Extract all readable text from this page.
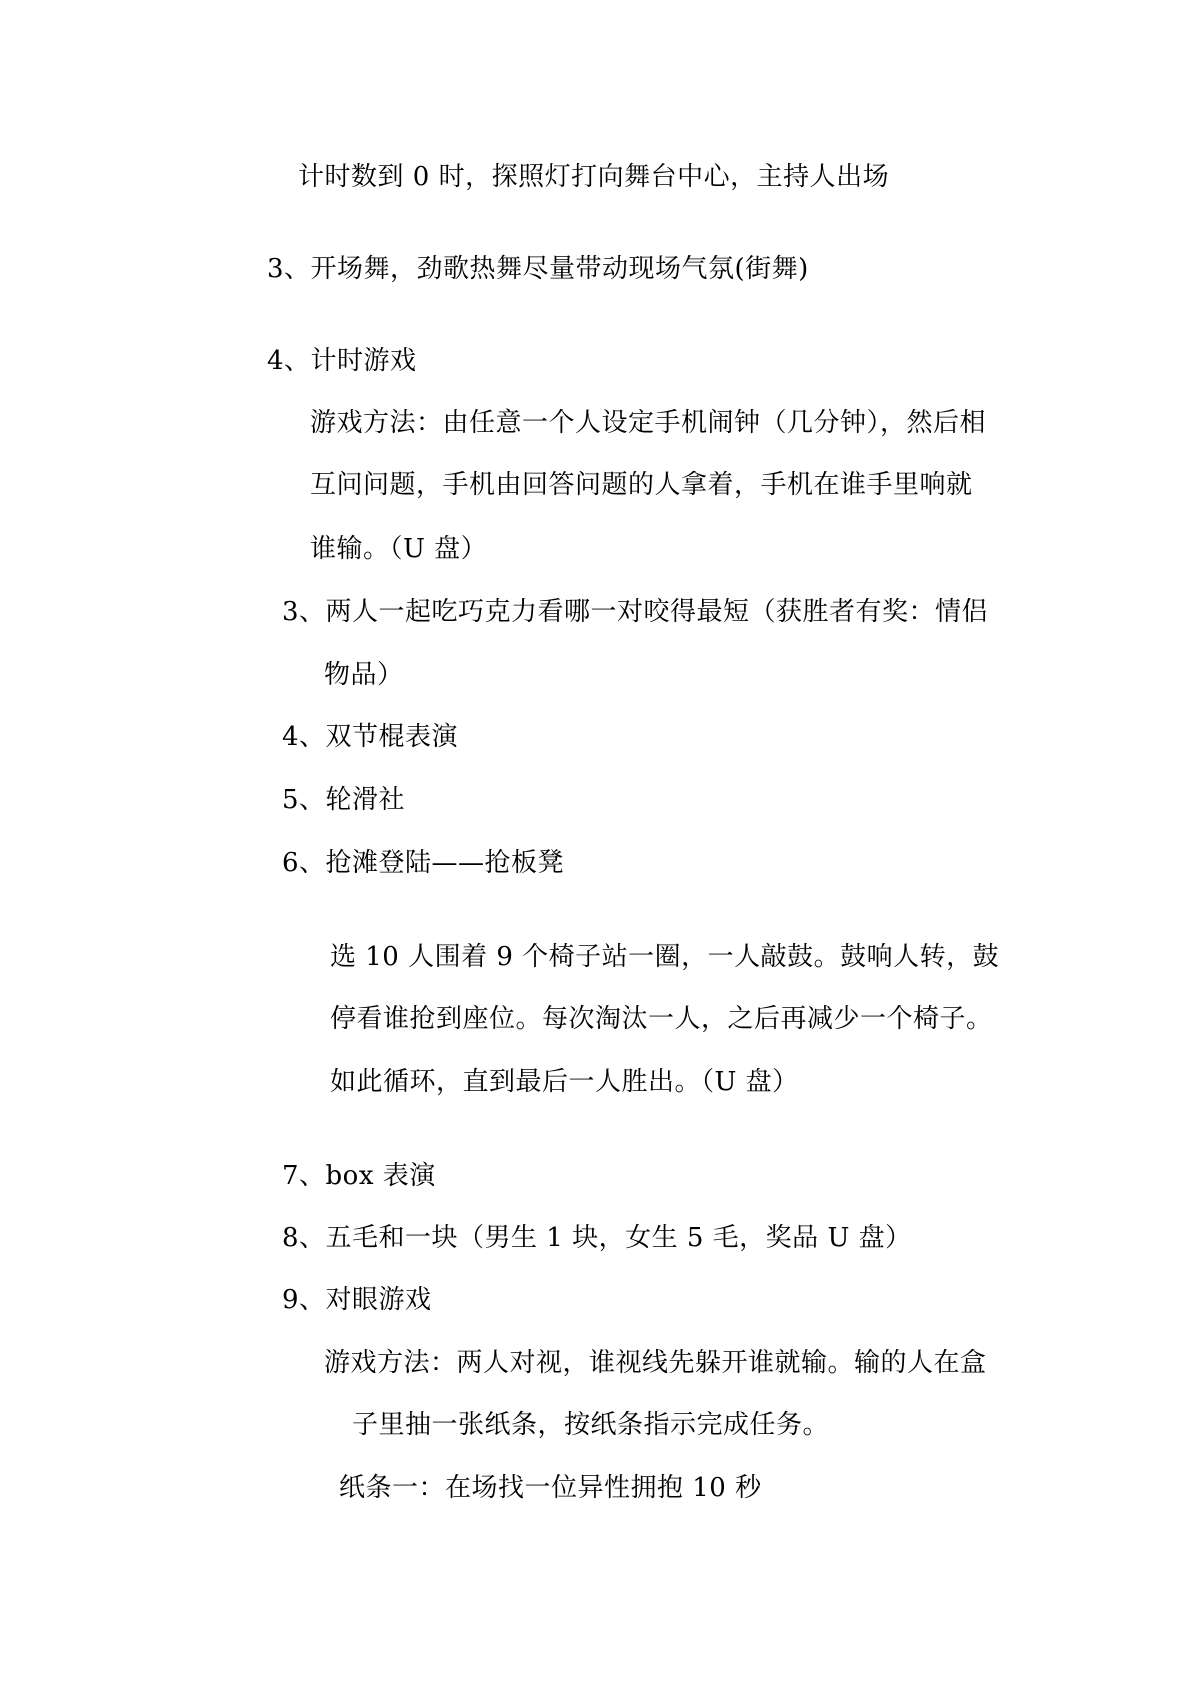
计时数到 0 时，探照灯打向舞台中心，主持人出场
3、开场舞，劲歌热舞尽量带动现场气氛(街舞)
4、计时游戏
游戏方法：由任意一个人设定手机闹钟（几分钟），然后相
互问问题，手机由回答问题的人拿着，手机在谁手里响就
谁输。（U 盘）
3、两人一起吃巧克力看哪一对咬得最短（获胜者有奖：情侣
物品）
4、双节棍表演
5、轮滑社
6、抢滩登陆——抢板凳
选 10 人围着 9 个椅子站一圈，一人敲鼓。鼓响人转，鼓
停看谁抢到座位。每次淘汰一人，之后再减少一个椅子。
如此循环，直到最后一人胜出。（U 盘）
7、box 表演
8、五毛和一块（男生 1 块，女生 5 毛，奖品 U 盘）
9、对眼游戏
游戏方法：两人对视，谁视线先躲开谁就输。输的人在盒
子里抽一张纸条，按纸条指示完成任务。
纸条一：在场找一位异性拥抱 10 秒
